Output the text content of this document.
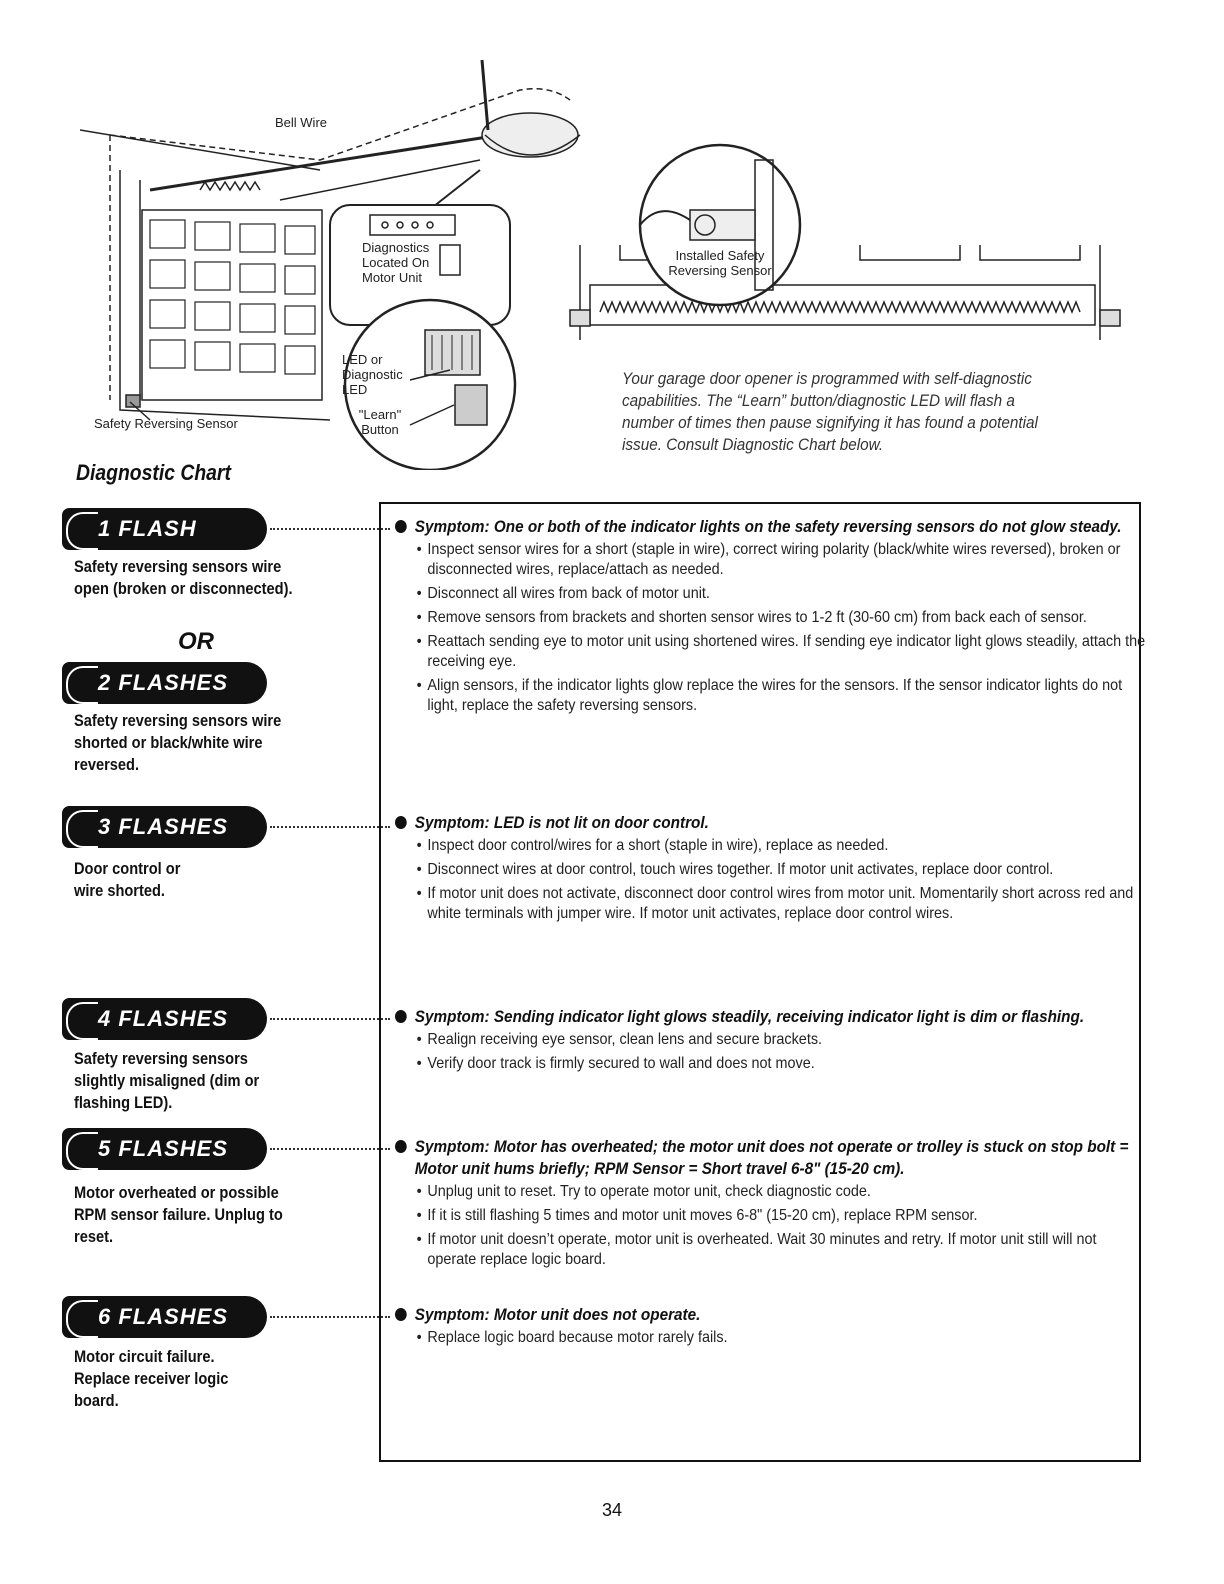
Bell Wire
Safety Reversing Sensor
Diagnostics Located On Motor Unit
LED or Diagnostic LED
"Learn" Button
Installed Safety Reversing Sensor
Your garage door opener is programmed with self-diagnostic capabilities. The “Learn” button/diagnostic LED will flash a number of times then pause signifying it has found a potential issue. Consult Diagnostic Chart below.
Diagnostic Chart
1 FLASH
Safety reversing sensors wire open (broken or disconnected).
OR
2 FLASHES
Safety reversing sensors wire shorted or black/white wire reversed.
3 FLASHES
Door control or wire shorted.
4 FLASHES
Safety reversing sensors slightly misaligned (dim or flashing LED).
5 FLASHES
Motor overheated or possible RPM sensor failure. Unplug to reset.
6 FLASHES
Motor circuit failure. Replace receiver logic board.
Symptom: One or both of the indicator lights on the safety reversing sensors do not glow steady.
• Inspect sensor wires for a short (staple in wire), correct wiring polarity (black/white wires reversed), broken or disconnected wires, replace/attach as needed.
• Disconnect all wires from back of motor unit.
• Remove sensors from brackets and shorten sensor wires to 1-2 ft (30-60 cm) from back each of sensor.
• Reattach sending eye to motor unit using shortened wires. If sending eye indicator light glows steadily, attach the receiving eye.
• Align sensors, if the indicator lights glow replace the wires for the sensors. If the sensor indicator lights do not light, replace the safety reversing sensors.
Symptom: LED is not lit on door control.
• Inspect door control/wires for a short (staple in wire), replace as needed.
• Disconnect wires at door control, touch wires together. If motor unit activates, replace door control.
• If motor unit does not activate, disconnect door control wires from motor unit. Momentarily short across red and white terminals with jumper wire. If motor unit activates, replace door control wires.
Symptom: Sending indicator light glows steadily, receiving indicator light is dim or flashing.
• Realign receiving eye sensor, clean lens and secure brackets.
• Verify door track is firmly secured to wall and does not move.
Symptom: Motor has overheated; the motor unit does not operate or trolley is stuck on stop bolt = Motor unit hums briefly; RPM Sensor = Short travel 6-8" (15-20 cm).
• Unplug unit to reset. Try to operate motor unit, check diagnostic code.
• If it is still flashing 5 times and motor unit moves 6-8" (15-20 cm), replace RPM sensor.
• If motor unit doesn’t operate, motor unit is overheated. Wait 30 minutes and retry. If motor unit still will not operate replace logic board.
Symptom: Motor unit does not operate.
• Replace logic board because motor rarely fails.
34
